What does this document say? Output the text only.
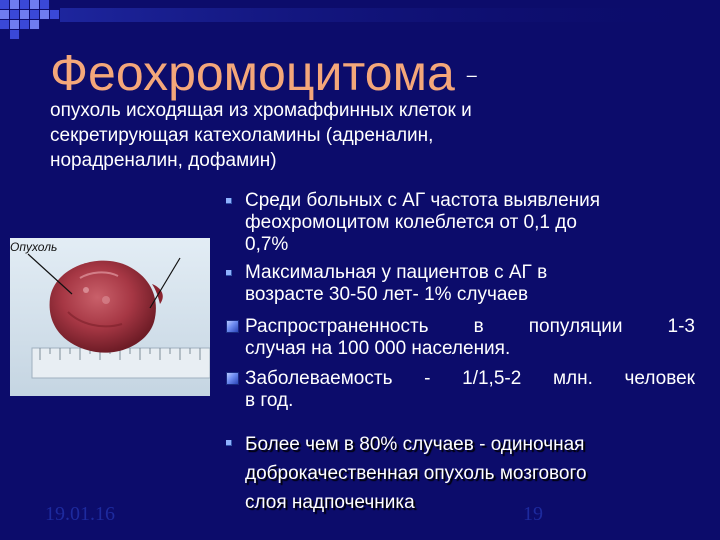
Феохромоцитома –
опухоль исходящая из хромаффинных клеток и
секретирующая катехоламины (адреналин,
норадреналин, дофамин)
Опухоль
Среди больных с АГ частота выявления
феохромоцитом колеблется от 0,1 до
0,7%
Максимальная у пациентов с АГ в
возрасте 30-50 лет- 1% случаев
Распространенность в популяции 1-3
случая на 100 000 населения.
Заболеваемость - 1/1,5-2 млн. человек
в год.
Более чем в 80% случаев - одиночная
доброкачественная опухоль мозгового
слоя надпочечника
19.01.16	19
